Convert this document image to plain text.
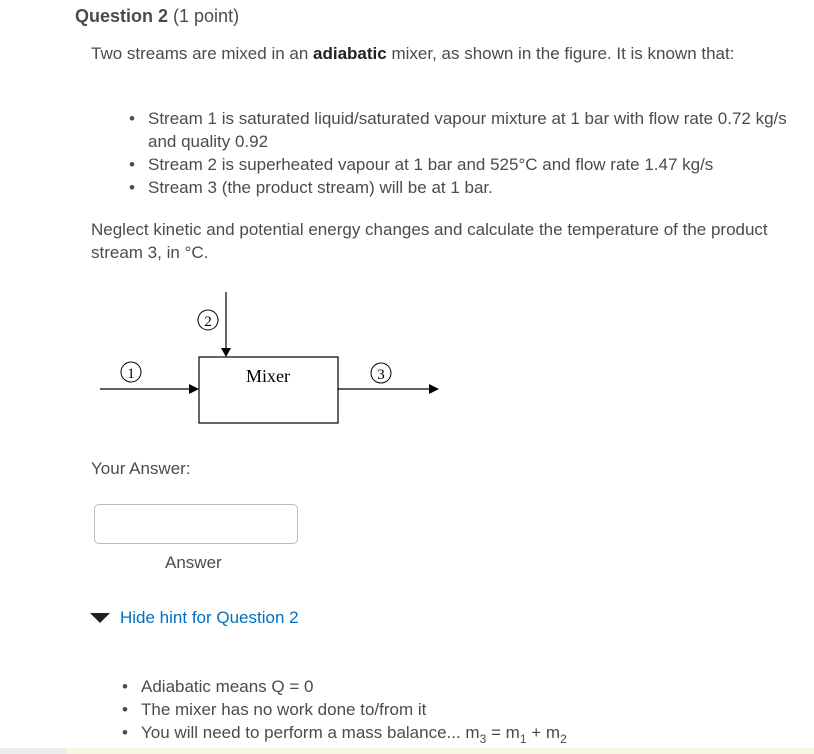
Question 2 (1 point)
Two streams are mixed in an adiabatic mixer, as shown in the figure. It is known that:
• Stream 1 is saturated liquid/saturated vapour mixture at 1 bar with flow rate 0.72 kg/s and quality 0.92
• Stream 2 is superheated vapour at 1 bar and 525°C and flow rate 1.47 kg/s
• Stream 3 (the product stream) will be at 1 bar.
Neglect kinetic and potential energy changes and calculate the temperature of the product stream 3, in °C.
Mixer
1
2
3
Your Answer:
Answer
Hide hint for Question 2
• Adiabatic means Q = 0
• The mixer has no work done to/from it
• You will need to perform a mass balance... $m_3 = m_1 + m_2$
